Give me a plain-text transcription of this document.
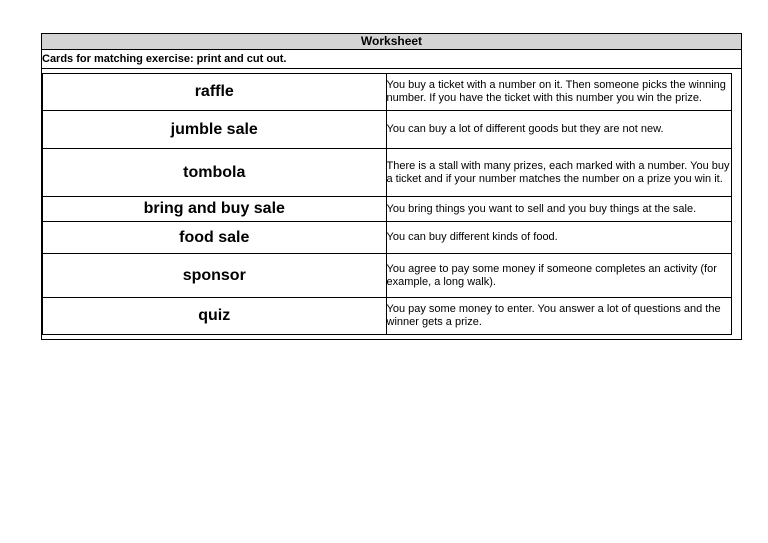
Worksheet
Cards for matching exercise: print and cut out.
raffle	You buy a ticket with a number on it. Then someone picks the winning number. If you have the ticket with this number you win the prize.
jumble sale	You can buy a lot of different goods but they are not new.
tombola	There is a stall with many prizes, each marked with a number. You buy a ticket and if your number matches the number on a prize you win it.
bring and buy sale	You bring things you want to sell and you buy things at the sale.
food sale	You can buy different kinds of food.
sponsor	You agree to pay some money if someone completes an activity (for example, a long walk).
quiz	You pay some money to enter. You answer a lot of questions and the winner gets a prize.
